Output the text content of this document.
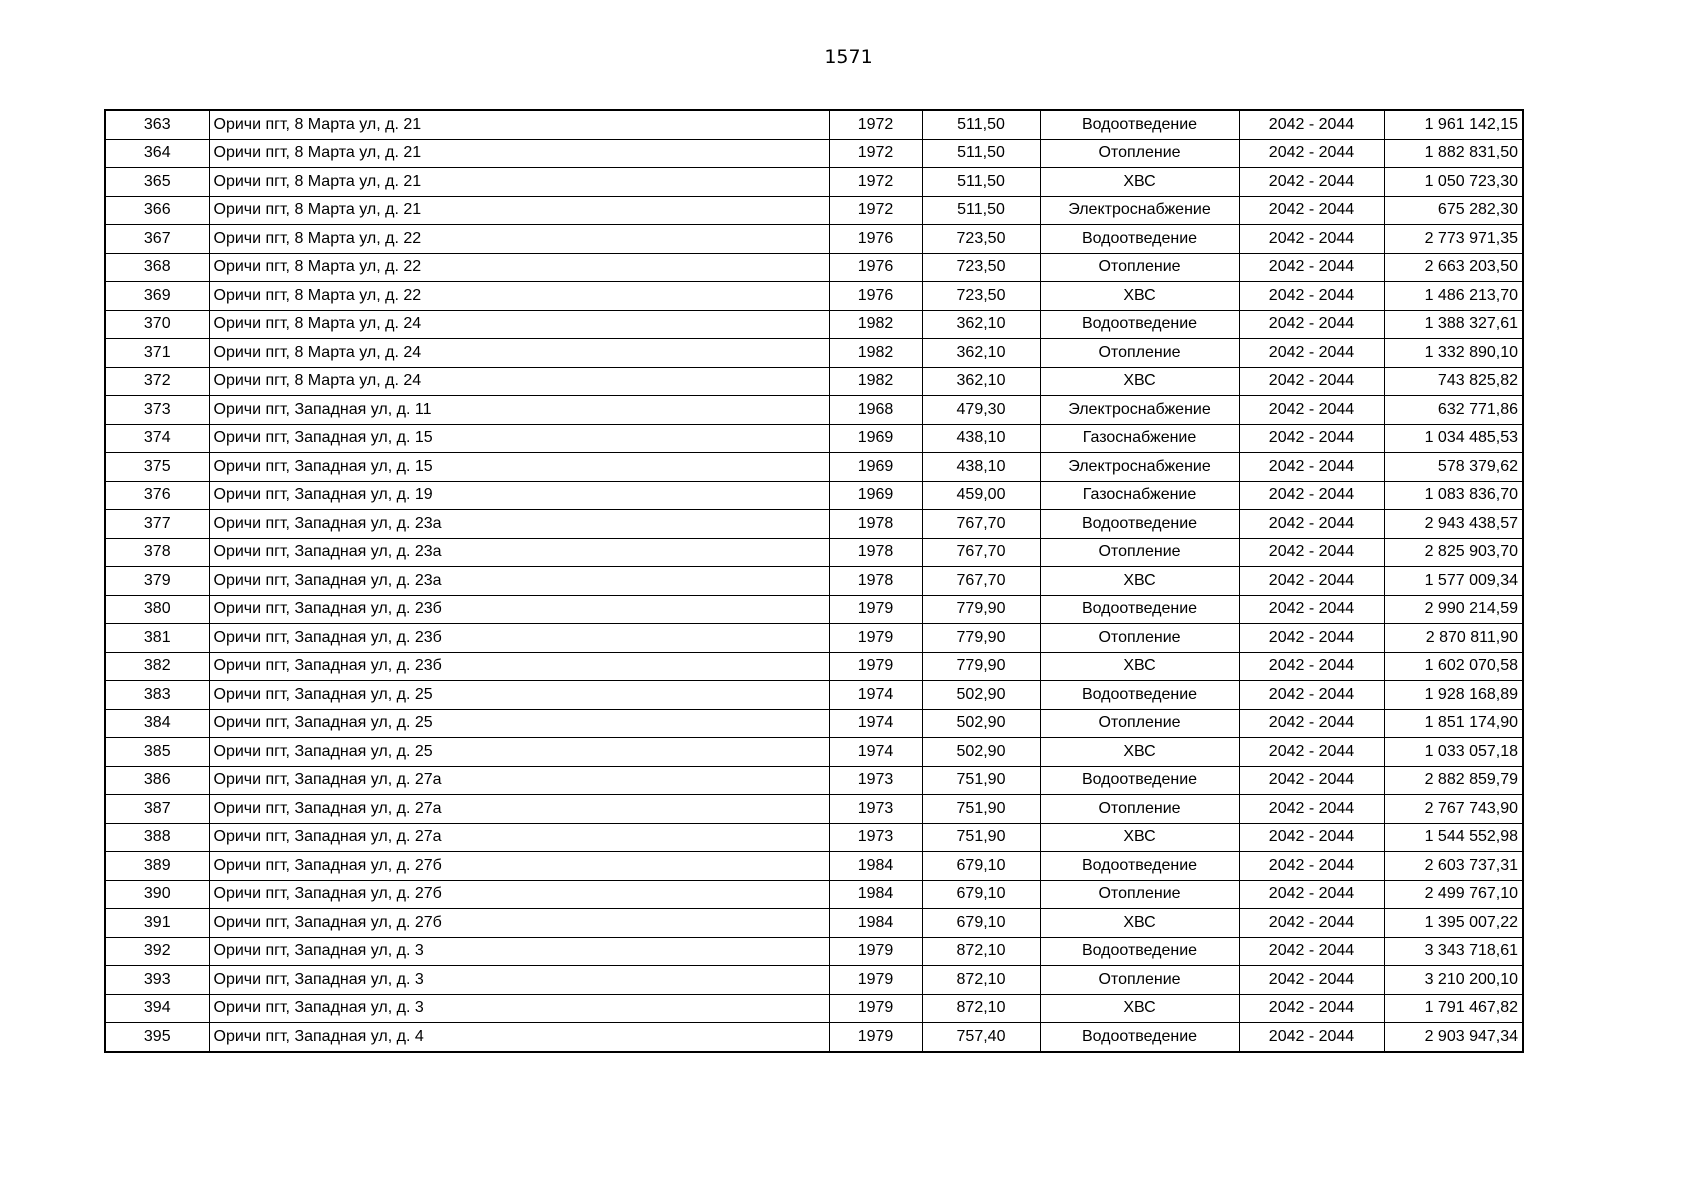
1571
363	Оричи пгт, 8 Марта ул, д. 21	1972	511,50	Водоотведение	2042 - 2044	1 961 142,15
364	Оричи пгт, 8 Марта ул, д. 21	1972	511,50	Отопление	2042 - 2044	1 882 831,50
365	Оричи пгт, 8 Марта ул, д. 21	1972	511,50	ХВС	2042 - 2044	1 050 723,30
366	Оричи пгт, 8 Марта ул, д. 21	1972	511,50	Электроснабжение	2042 - 2044	675 282,30
367	Оричи пгт, 8 Марта ул, д. 22	1976	723,50	Водоотведение	2042 - 2044	2 773 971,35
368	Оричи пгт, 8 Марта ул, д. 22	1976	723,50	Отопление	2042 - 2044	2 663 203,50
369	Оричи пгт, 8 Марта ул, д. 22	1976	723,50	ХВС	2042 - 2044	1 486 213,70
370	Оричи пгт, 8 Марта ул, д. 24	1982	362,10	Водоотведение	2042 - 2044	1 388 327,61
371	Оричи пгт, 8 Марта ул, д. 24	1982	362,10	Отопление	2042 - 2044	1 332 890,10
372	Оричи пгт, 8 Марта ул, д. 24	1982	362,10	ХВС	2042 - 2044	743 825,82
373	Оричи пгт, Западная ул, д. 11	1968	479,30	Электроснабжение	2042 - 2044	632 771,86
374	Оричи пгт, Западная ул, д. 15	1969	438,10	Газоснабжение	2042 - 2044	1 034 485,53
375	Оричи пгт, Западная ул, д. 15	1969	438,10	Электроснабжение	2042 - 2044	578 379,62
376	Оричи пгт, Западная ул, д. 19	1969	459,00	Газоснабжение	2042 - 2044	1 083 836,70
377	Оричи пгт, Западная ул, д. 23а	1978	767,70	Водоотведение	2042 - 2044	2 943 438,57
378	Оричи пгт, Западная ул, д. 23а	1978	767,70	Отопление	2042 - 2044	2 825 903,70
379	Оричи пгт, Западная ул, д. 23а	1978	767,70	ХВС	2042 - 2044	1 577 009,34
380	Оричи пгт, Западная ул, д. 23б	1979	779,90	Водоотведение	2042 - 2044	2 990 214,59
381	Оричи пгт, Западная ул, д. 23б	1979	779,90	Отопление	2042 - 2044	2 870 811,90
382	Оричи пгт, Западная ул, д. 23б	1979	779,90	ХВС	2042 - 2044	1 602 070,58
383	Оричи пгт, Западная ул, д. 25	1974	502,90	Водоотведение	2042 - 2044	1 928 168,89
384	Оричи пгт, Западная ул, д. 25	1974	502,90	Отопление	2042 - 2044	1 851 174,90
385	Оричи пгт, Западная ул, д. 25	1974	502,90	ХВС	2042 - 2044	1 033 057,18
386	Оричи пгт, Западная ул, д. 27а	1973	751,90	Водоотведение	2042 - 2044	2 882 859,79
387	Оричи пгт, Западная ул, д. 27а	1973	751,90	Отопление	2042 - 2044	2 767 743,90
388	Оричи пгт, Западная ул, д. 27а	1973	751,90	ХВС	2042 - 2044	1 544 552,98
389	Оричи пгт, Западная ул, д. 27б	1984	679,10	Водоотведение	2042 - 2044	2 603 737,31
390	Оричи пгт, Западная ул, д. 27б	1984	679,10	Отопление	2042 - 2044	2 499 767,10
391	Оричи пгт, Западная ул, д. 27б	1984	679,10	ХВС	2042 - 2044	1 395 007,22
392	Оричи пгт, Западная ул, д. 3	1979	872,10	Водоотведение	2042 - 2044	3 343 718,61
393	Оричи пгт, Западная ул, д. 3	1979	872,10	Отопление	2042 - 2044	3 210 200,10
394	Оричи пгт, Западная ул, д. 3	1979	872,10	ХВС	2042 - 2044	1 791 467,82
395	Оричи пгт, Западная ул, д. 4	1979	757,40	Водоотведение	2042 - 2044	2 903 947,34
